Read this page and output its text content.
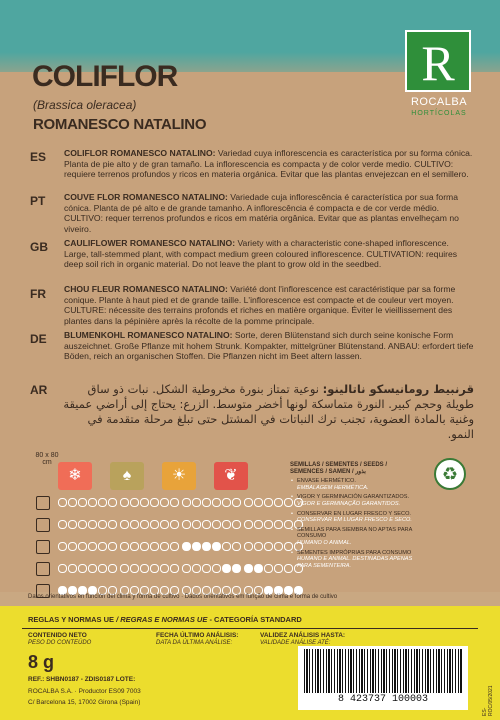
COLIFLOR
(Brassica oleracea)
ROMANESCO NATALINO
R
ROCALBA
HORTÍCOLAS
ES COLIFLOR ROMANESCO NATALINO: Variedad cuya inflorescencia es característica por su forma cónica. Planta de pie alto y de gran tamaño. La inflorescencia es compacta y de color verde medio. CULTIVO: requiere terrenos profundos y ricos en materia orgánica. Evitar que las plantas envejezcan en el semillero.
PT COUVE FLOR ROMANESCO NATALINO: Variedade cuja inflorescência é característica por sua forma cónica. Planta de pé alto e de grande tamanho. A inflorescência é compacta e de cor verde médio. CULTIVO: requer terrenos profundos e ricos em matéria orgânica. Evitar que as plantas envelheçam no viveiro.
GB CAULIFLOWER ROMANESCO NATALINO: Variety with a characteristic cone-shaped inflorescence. Large, tall-stemmed plant, with compact medium green coloured inflorescence. CULTIVATION: requires deep soil rich in organic material. Do not leave the plant to grow old in the seedbed.
FR CHOU FLEUR ROMANESCO NATALINO: Variété dont l'inflorescence est caractéristique par sa forme conique. Plante à haut pied et de grande taille. L'inflorescence est compacte et de couleur vert moyen. CULTURE: nécessite des terrains profonds et riches en matière organique. Éviter le vieillissement des plantes dans la pépinière après la récolte de la pomme principale.
DE BLUMENKOHL ROMANESCO NATALINO: Sorte, deren Blütenstand sich durch seine konische Form auszeichnet. Große Pflanze mit hohem Strunk. Kompakter, mittelgrüner Blütenstand. ANBAU: erfordert tiefe Böden, reich an organischen Stoffen. Die Pflanzen nicht im Beet altern lassen.
AR	قرنبيط رومانيسكو ناتالينو: نوعية تمتاز بنورة مخروطية الشكل. نبات ذو ساق طويلة وحجم كبير. النورة متماسكة لونها أخضر متوسط. الزرع: يحتاج إلى أراضي عميقة وغنية بالمادة العضوية، تجنب ترك النباتات في المشتل حتى تبلغ مرحلة متقدمة في النمو.
80 x 80 cm
❄	♠	☀	❦
SEMILLAS / SEMENTES / SEEDS /
SEMENCES / SAMEN / بذور
• ENVASE HERMÉTICO.
EMBALAGEM HERMÉTICA.
• VIGOR Y GERMINACIÓN GARANTIZADOS.
VIGOR E GERMINAÇÃO GARANTIDOS.
• CONSERVAR EN LUGAR FRESCO Y SECO.
CONSERVAR EM LUGAR FRESCO E SECO.
• SEMILLAS PARA SIEMBRA NO APTAS PARA CONSUMO
HUMANO O ANIMAL.
• SEMENTES IMPRÓPRIAS PARA CONSUMO
HUMANO E ANIMAL. DESTINADAS APENAS PARA SEMENTEIRA.
♻
Datos orientativos en función del clima y forma de cultivo · Dados orientativos em função de clima e forma de cultivo
REGLAS Y NORMAS UE / REGRAS E NORMAS UE - CATEGORÍA STANDARD
CONTENIDO NETO
PESO DO CONTEÚDO
8 g
FECHA ÚLTIMO ANÁLISIS:
DATA DA ÚLTIMA ANÁLISE:
VALIDEZ ANÁLISIS HASTA:
VALIDADE ANÁLISE ATÉ:
REF.: SHBN0187 - ZDIS0187 LOTE:
ROCALBA S.A. · Productor ES09 7003
C/ Barcelona 15, 17002 Girona (Spain)	8 423737 100003
ES-ROC/05/2021
